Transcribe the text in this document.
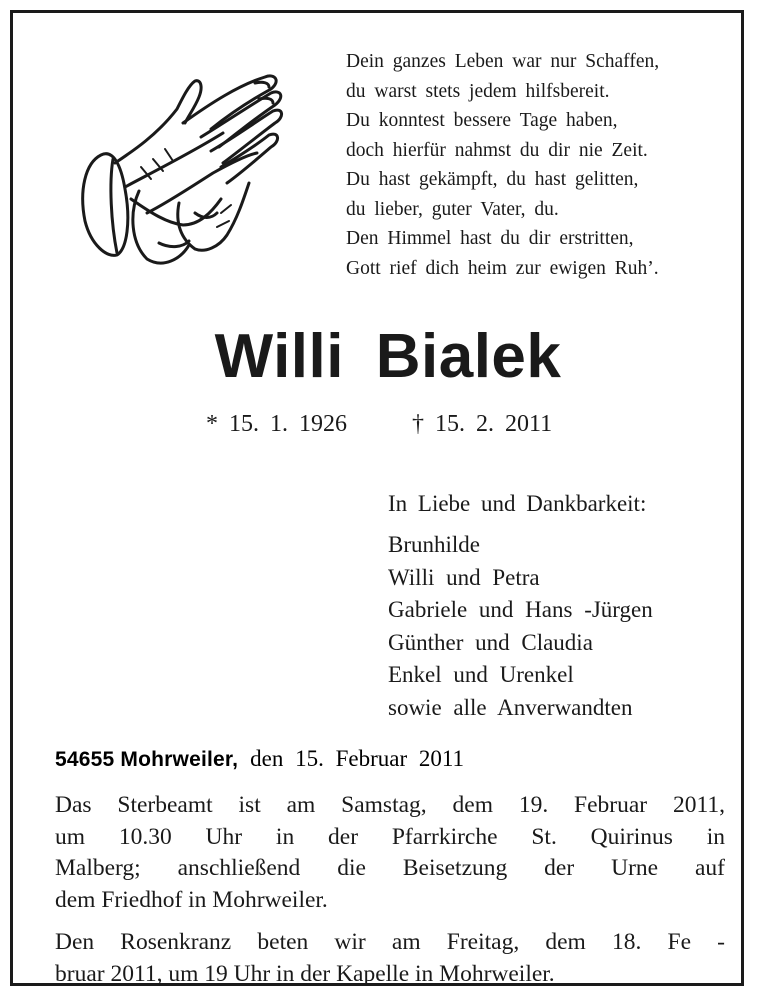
Dein ganzes Leben war nur Schaffen,
du warst stets jedem hilfsbereit.
Du konntest bessere Tage haben,
doch hierfür nahmst du dir nie Zeit.
Du hast gekämpft, du hast gelitten,
du lieber, guter Vater, du.
Den Himmel hast du dir erstritten,
Gott rief dich heim zur ewigen Ruh’.
Willi Bialek
* 15. 1. 1926	† 15. 2. 2011
In Liebe und Dankbarkeit:
Brunhilde
Willi und Petra
Gabriele und Hans -Jürgen
Günther und Claudia
Enkel und Urenkel
sowie alle Anverwandten
54655 Mohrweiler, den 15. Februar 2011
Das Sterbeamt ist am Samstag, dem 19. Februar 2011,
um 10.30 Uhr in der Pfarrkirche St. Quirinus in
Malberg; anschließend die Beisetzung der Urne auf
dem Friedhof in Mohrweiler.
Den Rosenkranz beten wir am Freitag, dem 18. Fe -
bruar 2011, um 19 Uhr in der Kapelle in Mohrweiler.
